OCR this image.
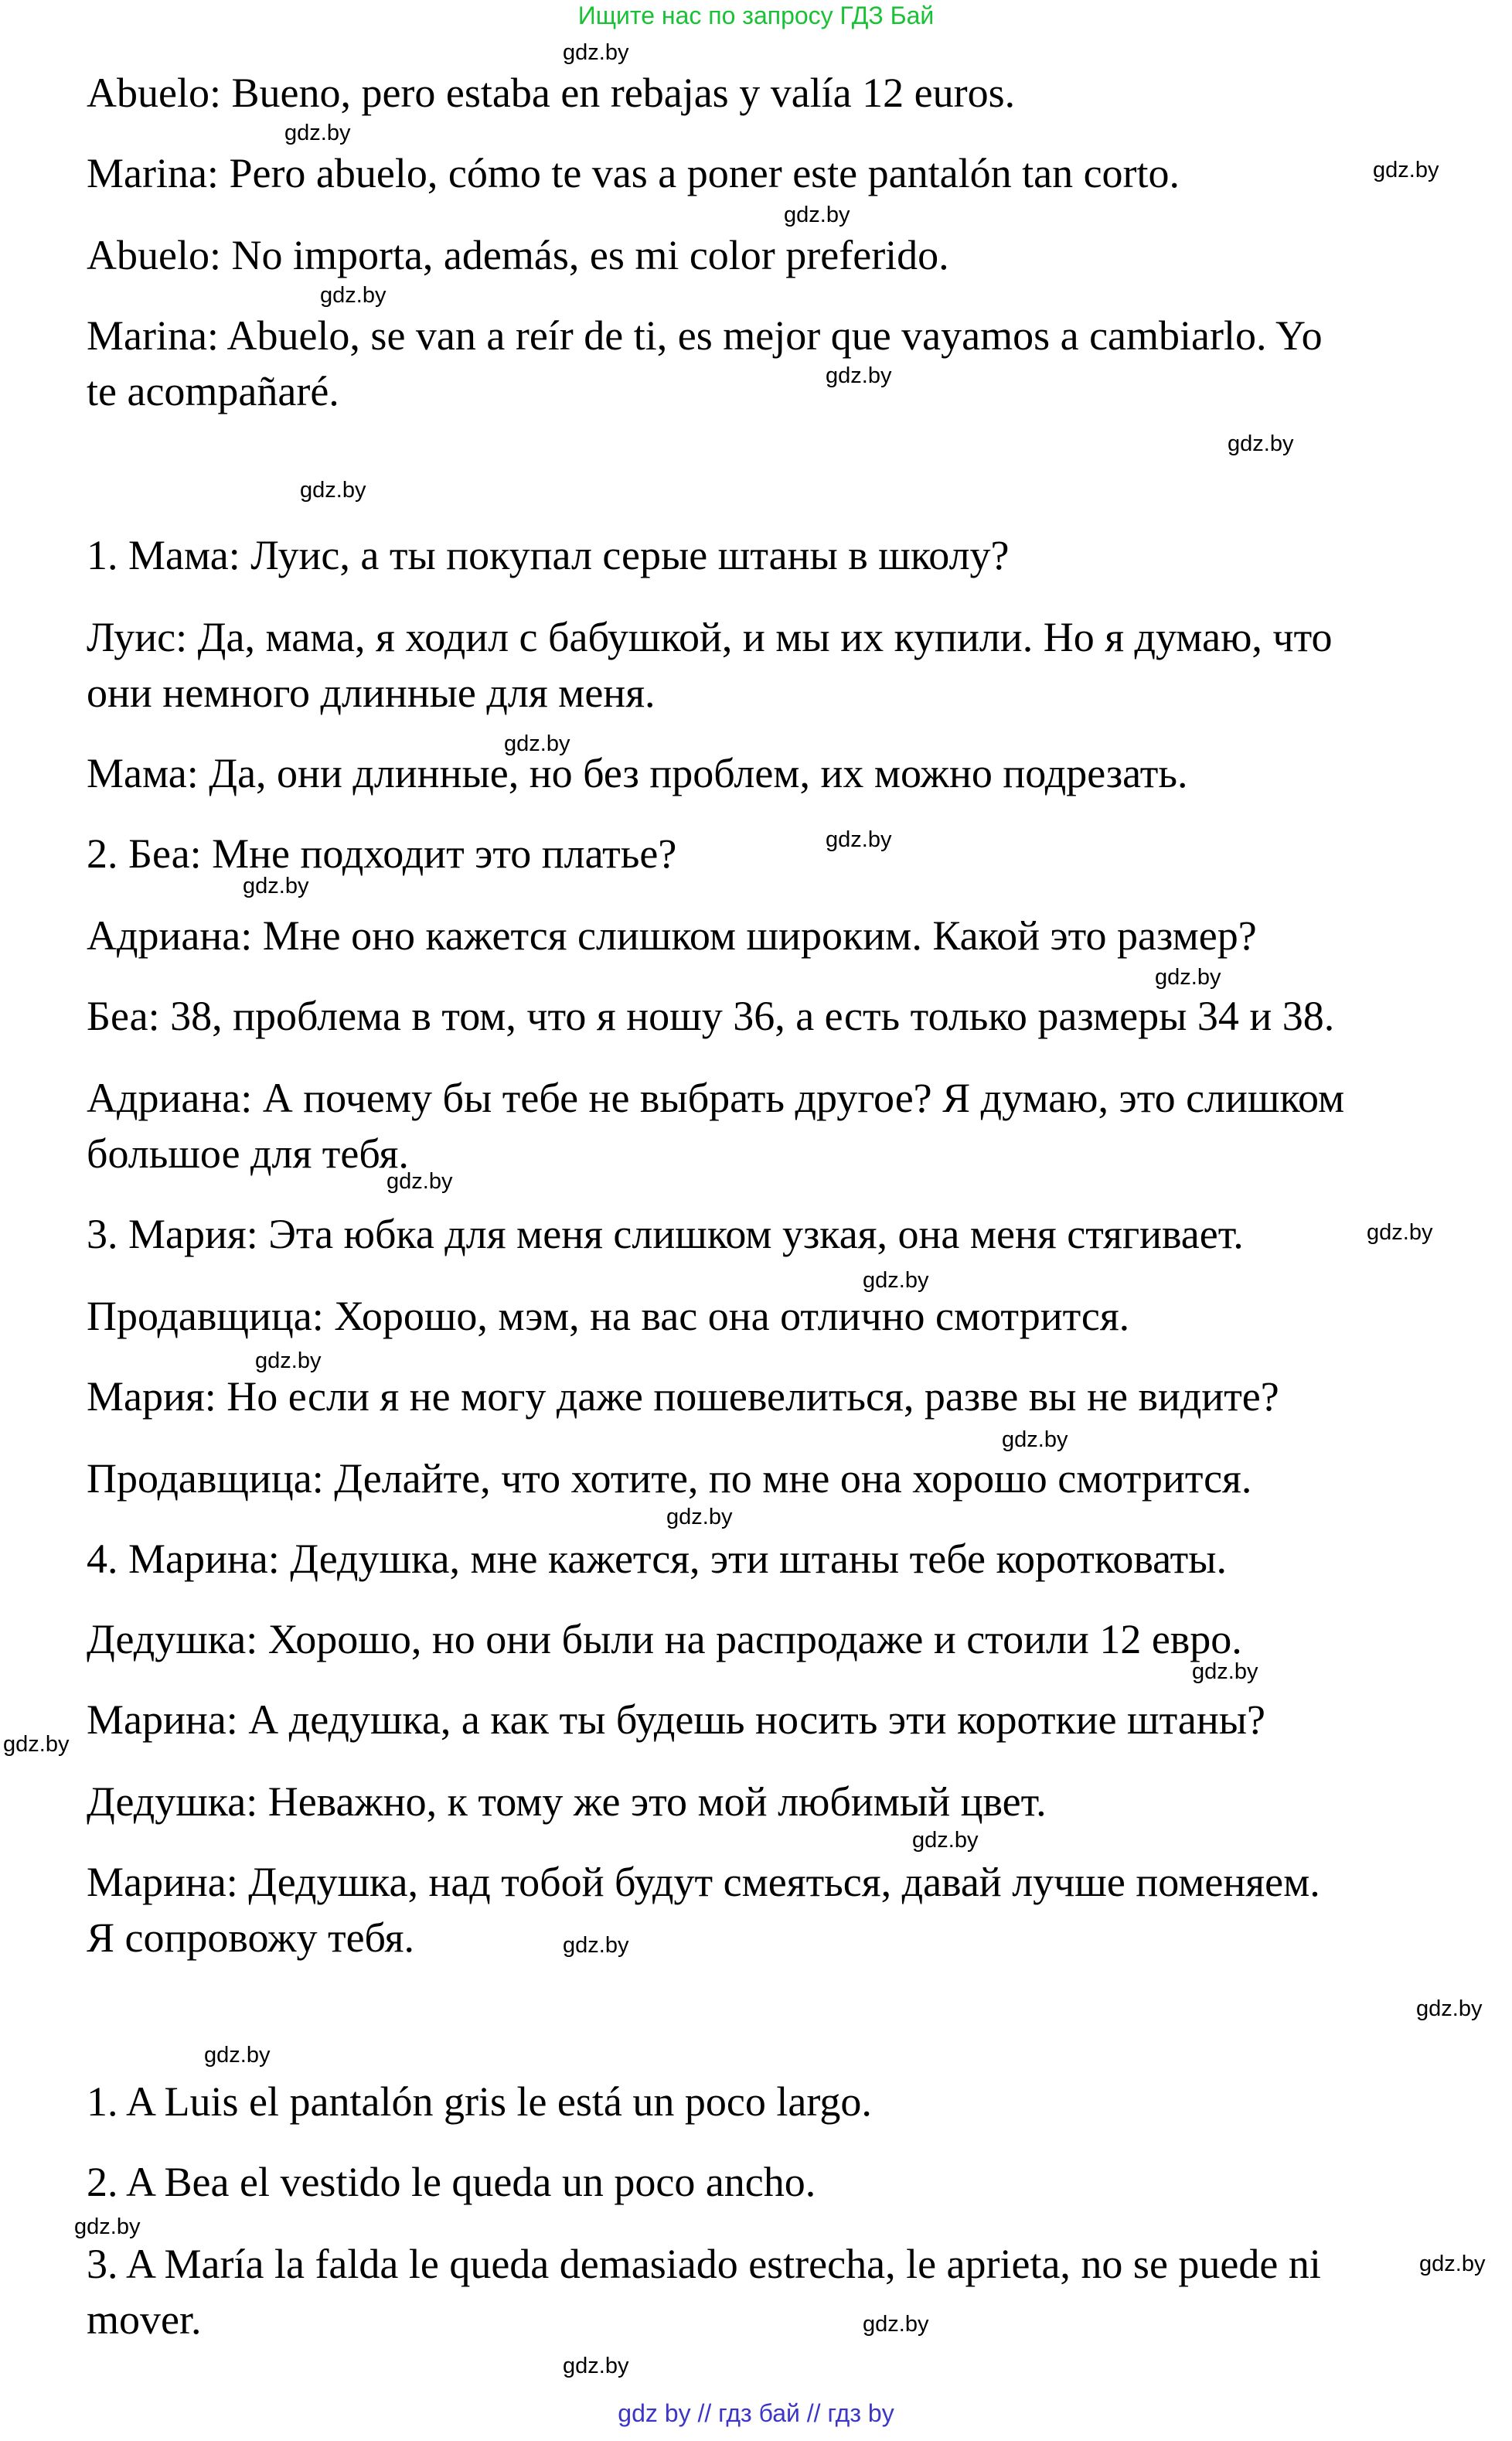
Ищите нас по запросу ГДЗ Бай

Abuelo: Bueno, pero estaba en rebajas y valía 12 euros.

Marina: Pero abuelo, cómo te vas a poner este pantalón tan corto.

Abuelo: No importa, además, es mi color preferido.

Marina: Abuelo, se van a reír de ti, es mejor que vayamos a cambiarlo. Yo

te acompañaré.

1. Мама: Луис, а ты покупал серые штаны в школу?

Луис: Да, мама, я ходил с бабушкой, и мы их купили. Но я думаю, что

они немного длинные для меня.

Мама: Да, они длинные, но без проблем, их можно подрезать.

2. Беа: Мне подходит это платье?

Адриана: Мне оно кажется слишком широким. Какой это размер?

Беа: 38, проблема в том, что я ношу 36, а есть только размеры 34 и 38.

Адриана: А почему бы тебе не выбрать другое? Я думаю, это слишком

большое для тебя.

3. Мария: Эта юбка для меня слишком узкая, она меня стягивает.

Продавщица: Хорошо, мэм, на вас она отлично смотрится.

Мария: Но если я не могу даже пошевелиться, разве вы не видите?

Продавщица: Делайте, что хотите, по мне она хорошо смотрится.

4. Марина: Дедушка, мне кажется, эти штаны тебе коротковаты.

Дедушка: Хорошо, но они были на распродаже и стоили 12 евро.

Марина: А дедушка, а как ты будешь носить эти короткие штаны?

Дедушка: Неважно, к тому же это мой любимый цвет.

Марина: Дедушка, над тобой будут смеяться, давай лучше поменяем.

Я сопровожу тебя.

1. A Luis el pantalón gris le está un poco largo.

2. A Bea el vestido le queda un poco ancho.

3. A María la falda le queda demasiado estrecha, le aprieta, no se puede ni

mover.

gdz.by
gdz.by
gdz.by
gdz.by
gdz.by
gdz.by
gdz.by
gdz.by
gdz.by
gdz.by
gdz.by
gdz.by
gdz.by
gdz.by
gdz.by
gdz.by
gdz.by
gdz.by
gdz.by
gdz.by
gdz.by
gdz.by
gdz.by
gdz.by
gdz.by
gdz.by
gdz.by
gdz.by
gdz by // гдз бай // гдз by
